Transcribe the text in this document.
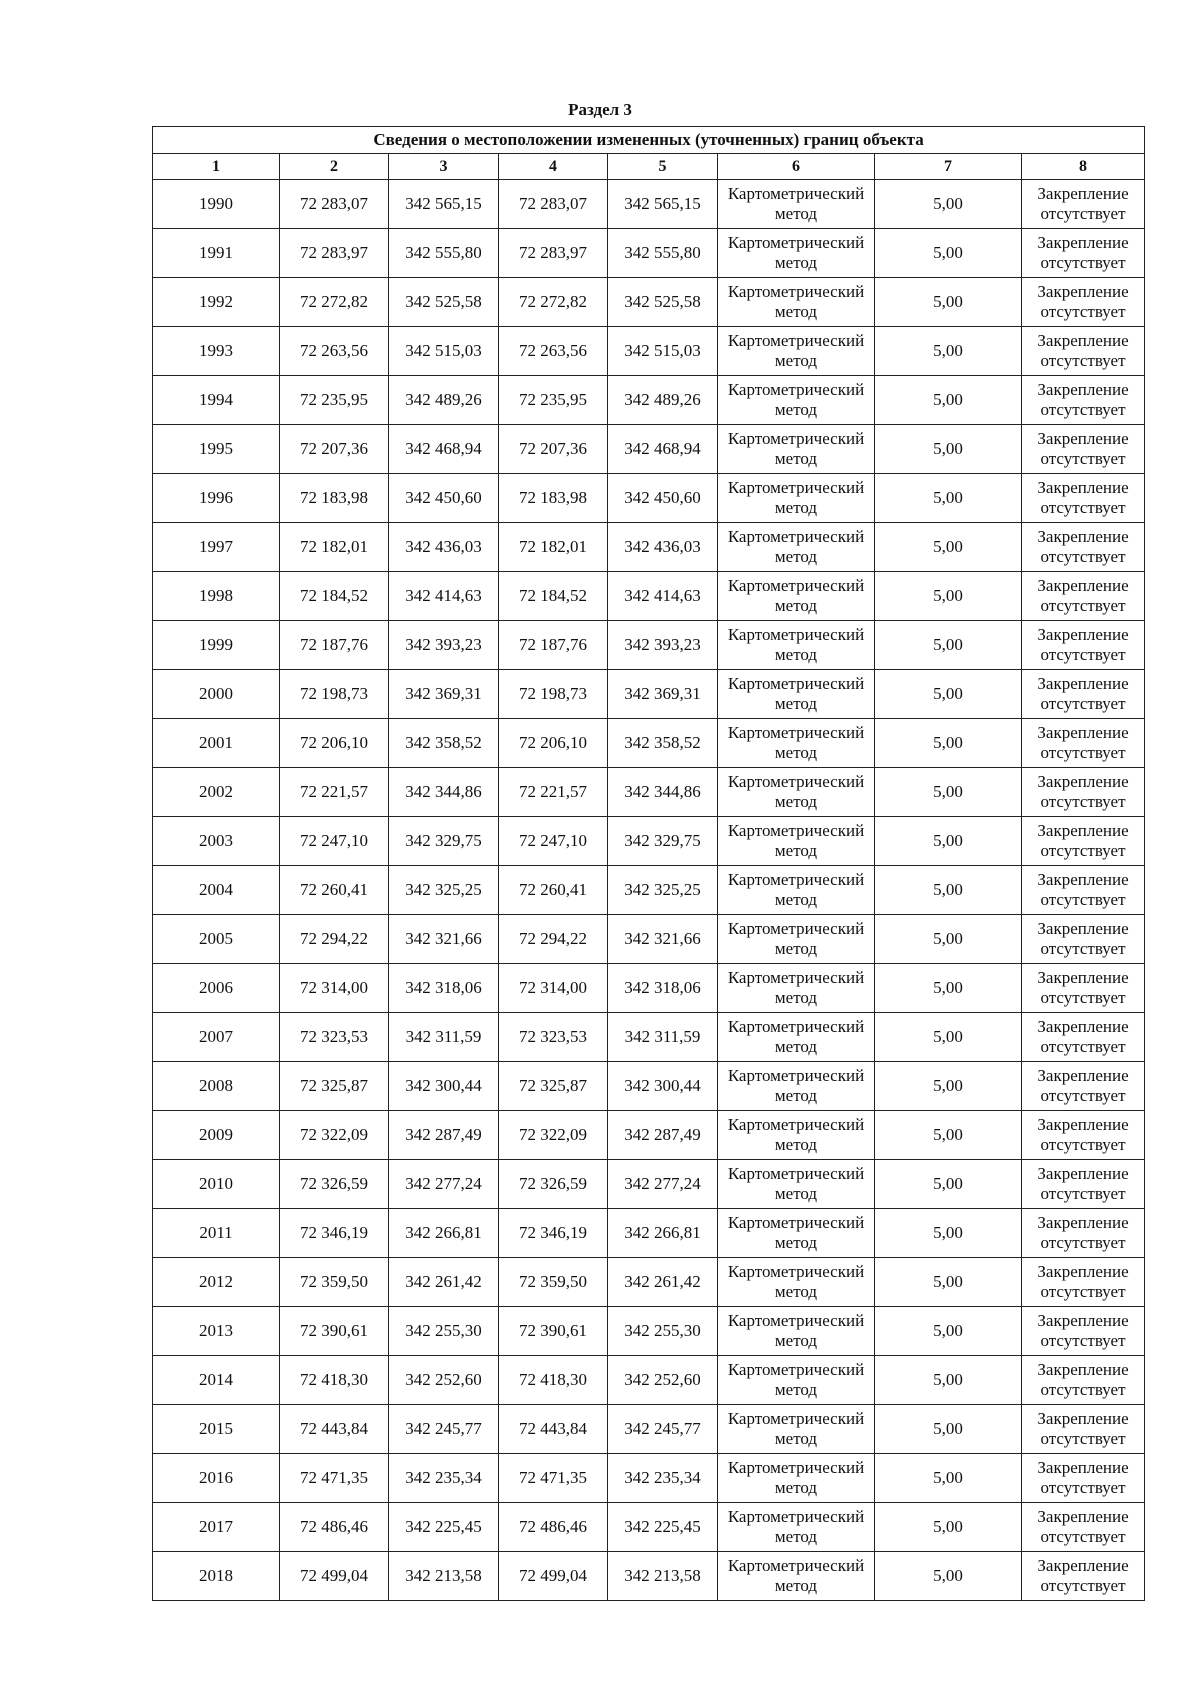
Раздел 3
Сведения о местоположении измененных (уточненных) границ объекта							
1	2	3	4	5	6	7	8
1990	72 283,07	342 565,15	72 283,07	342 565,15	Картометрический метод	5,00	Закрепление отсутствует
1991	72 283,97	342 555,80	72 283,97	342 555,80	Картометрический метод	5,00	Закрепление отсутствует
1992	72 272,82	342 525,58	72 272,82	342 525,58	Картометрический метод	5,00	Закрепление отсутствует
1993	72 263,56	342 515,03	72 263,56	342 515,03	Картометрический метод	5,00	Закрепление отсутствует
1994	72 235,95	342 489,26	72 235,95	342 489,26	Картометрический метод	5,00	Закрепление отсутствует
1995	72 207,36	342 468,94	72 207,36	342 468,94	Картометрический метод	5,00	Закрепление отсутствует
1996	72 183,98	342 450,60	72 183,98	342 450,60	Картометрический метод	5,00	Закрепление отсутствует
1997	72 182,01	342 436,03	72 182,01	342 436,03	Картометрический метод	5,00	Закрепление отсутствует
1998	72 184,52	342 414,63	72 184,52	342 414,63	Картометрический метод	5,00	Закрепление отсутствует
1999	72 187,76	342 393,23	72 187,76	342 393,23	Картометрический метод	5,00	Закрепление отсутствует
2000	72 198,73	342 369,31	72 198,73	342 369,31	Картометрический метод	5,00	Закрепление отсутствует
2001	72 206,10	342 358,52	72 206,10	342 358,52	Картометрический метод	5,00	Закрепление отсутствует
2002	72 221,57	342 344,86	72 221,57	342 344,86	Картометрический метод	5,00	Закрепление отсутствует
2003	72 247,10	342 329,75	72 247,10	342 329,75	Картометрический метод	5,00	Закрепление отсутствует
2004	72 260,41	342 325,25	72 260,41	342 325,25	Картометрический метод	5,00	Закрепление отсутствует
2005	72 294,22	342 321,66	72 294,22	342 321,66	Картометрический метод	5,00	Закрепление отсутствует
2006	72 314,00	342 318,06	72 314,00	342 318,06	Картометрический метод	5,00	Закрепление отсутствует
2007	72 323,53	342 311,59	72 323,53	342 311,59	Картометрический метод	5,00	Закрепление отсутствует
2008	72 325,87	342 300,44	72 325,87	342 300,44	Картометрический метод	5,00	Закрепление отсутствует
2009	72 322,09	342 287,49	72 322,09	342 287,49	Картометрический метод	5,00	Закрепление отсутствует
2010	72 326,59	342 277,24	72 326,59	342 277,24	Картометрический метод	5,00	Закрепление отсутствует
2011	72 346,19	342 266,81	72 346,19	342 266,81	Картометрический метод	5,00	Закрепление отсутствует
2012	72 359,50	342 261,42	72 359,50	342 261,42	Картометрический метод	5,00	Закрепление отсутствует
2013	72 390,61	342 255,30	72 390,61	342 255,30	Картометрический метод	5,00	Закрепление отсутствует
2014	72 418,30	342 252,60	72 418,30	342 252,60	Картометрический метод	5,00	Закрепление отсутствует
2015	72 443,84	342 245,77	72 443,84	342 245,77	Картометрический метод	5,00	Закрепление отсутствует
2016	72 471,35	342 235,34	72 471,35	342 235,34	Картометрический метод	5,00	Закрепление отсутствует
2017	72 486,46	342 225,45	72 486,46	342 225,45	Картометрический метод	5,00	Закрепление отсутствует
2018	72 499,04	342 213,58	72 499,04	342 213,58	Картометрический метод	5,00	Закрепление отсутствует
